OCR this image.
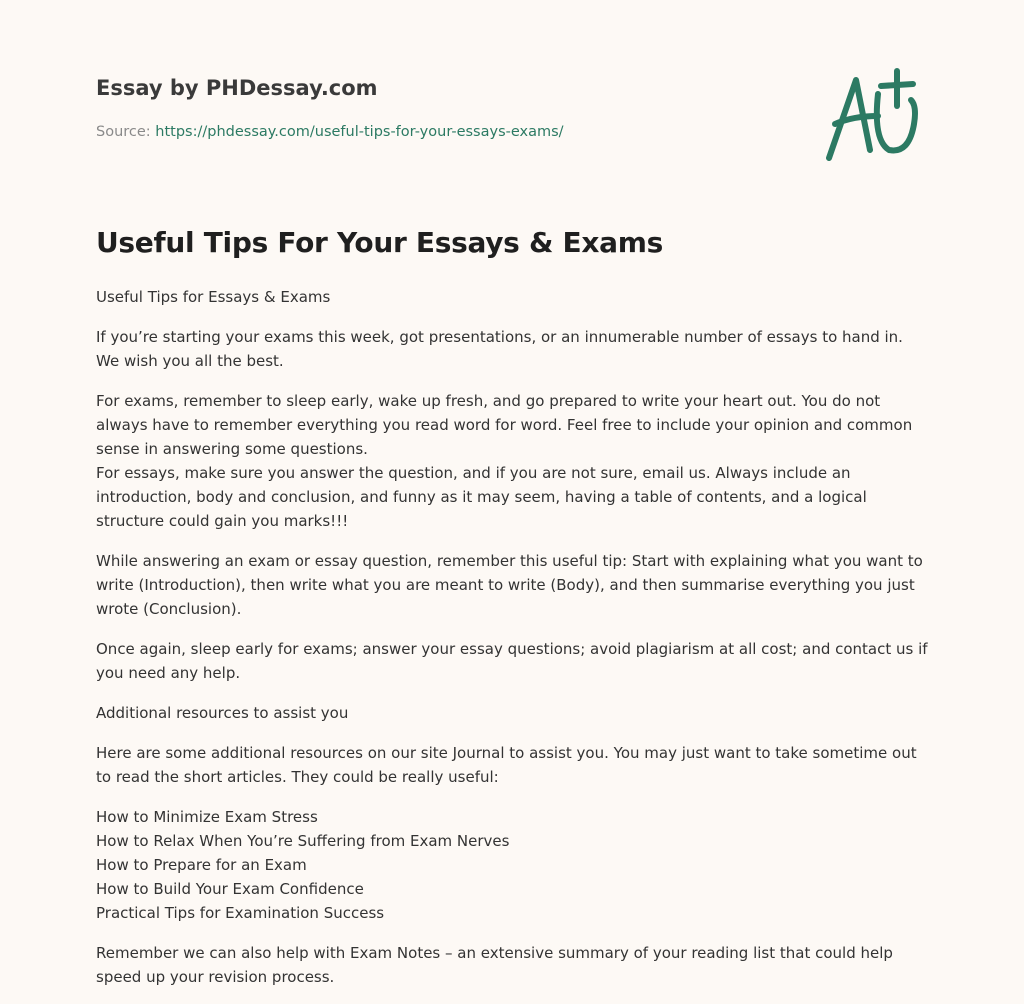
Essay by PHDessay.com
Source: https://phdessay.com/useful-tips-for-your-essays-exams/
Useful Tips For Your Essays & Exams

Useful Tips for Essays & Exams

If you’re starting your exams this week, got presentations, or an innumerable number of essays to hand in. We wish you all the best.

For exams, remember to sleep early, wake up fresh, and go prepared to write your heart out. You do not always have to remember everything you read word for word. Feel free to include your opinion and common sense in answering some questions.
For essays, make sure you answer the question, and if you are not sure, email us. Always include an introduction, body and conclusion, and funny as it may seem, having a table of contents, and a logical structure could gain you marks!!!

While answering an exam or essay question, remember this useful tip: Start with explaining what you want to write (Introduction), then write what you are meant to write (Body), and then summarise everything you just wrote (Conclusion).

Once again, sleep early for exams; answer your essay questions; avoid plagiarism at all cost; and contact us if you need any help.

Additional resources to assist you

Here are some additional resources on our site Journal to assist you. You may just want to take sometime out to read the short articles. They could be really useful:

How to Minimize Exam Stress
How to Relax When You’re Suffering from Exam Nerves
How to Prepare for an Exam
How to Build Your Exam Confidence
Practical Tips for Examination Success

Remember we can also help with Exam Notes – an extensive summary of your reading list that could help speed up your revision process.
